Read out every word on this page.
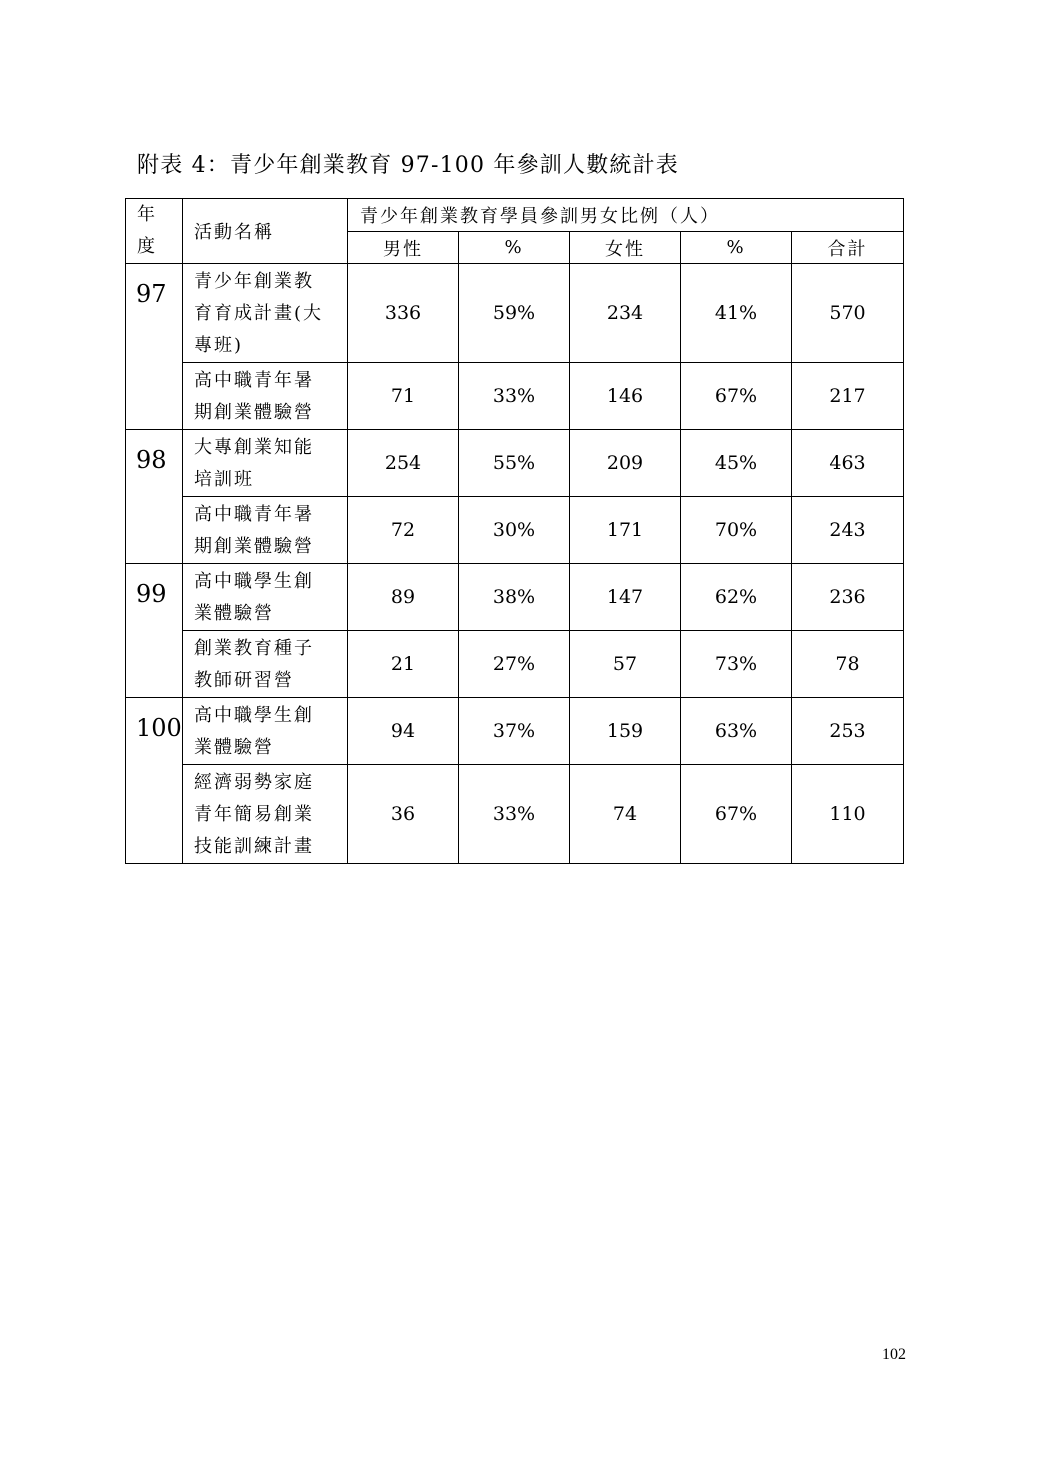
附表 4：青少年創業教育 97-100 年參訓人數統計表
年
度	活動名稱	青少年創業教育學員參訓男女比例（人）				
		男性	%	女性	%	合計
97	青少年創業教
育育成計畫(大
專班)	336	59%	234	41%	570

	高中職青年暑
期創業體驗營	71	33%	146	67%	217
98	大專創業知能
培訓班	254	55%	209	45%	463

	高中職青年暑
期創業體驗營	72	30%	171	70%	243
99	高中職學生創
業體驗營	89	38%	147	62%	236

	創業教育種子
教師研習營	21	27%	57	73%	78
100	高中職學生創
業體驗營	94	37%	159	63%	253

	經濟弱勢家庭
青年簡易創業
技能訓練計畫	36	33%	74	67%	110
102
